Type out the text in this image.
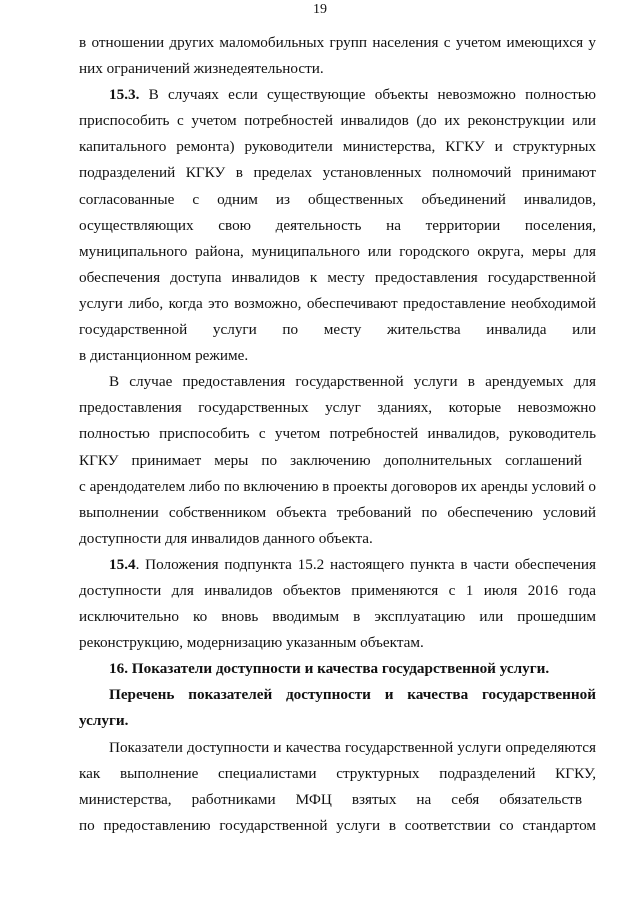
19
в отношении других маломобильных групп населения с учетом имеющихся у
них ограничений жизнедеятельности.
15.3. В случаях если существующие объекты невозможно полностью
приспособить с учетом потребностей инвалидов (до их реконструкции или
капитального ремонта) руководители министерства, КГКУ и структурных
подразделений КГКУ в пределах установленных полномочий принимают
согласованные с одним из общественных объединений инвалидов,
осуществляющих свою деятельность на территории поселения,
муниципального района, муниципального или городского округа, меры для
обеспечения доступа инвалидов к месту предоставления государственной
услуги либо, когда это возможно, обеспечивают предоставление необходимой
государственной услуги по месту жительства инвалида или
в дистанционном режиме.
В случае предоставления государственной услуги в арендуемых для
предоставления государственных услуг зданиях, которые невозможно
полностью приспособить с учетом потребностей инвалидов, руководитель
КГКУ принимает меры по заключению дополнительных соглашений
с арендодателем либо по включению в проекты договоров их аренды условий о
выполнении собственником объекта требований по обеспечению условий
доступности для инвалидов данного объекта.
15.4. Положения подпункта 15.2 настоящего пункта в части обеспечения
доступности для инвалидов объектов применяются с 1 июля 2016 года
исключительно ко вновь вводимым в эксплуатацию или прошедшим
реконструкцию, модернизацию указанным объектам.
16. Показатели доступности и качества государственной услуги.
Перечень показателей доступности и качества государственной
услуги.
Показатели доступности и качества государственной услуги определяются
как выполнение специалистами структурных подразделений КГКУ,
министерства, работниками МФЦ взятых на себя обязательств
по предоставлению государственной услуги в соответствии со стандартом
